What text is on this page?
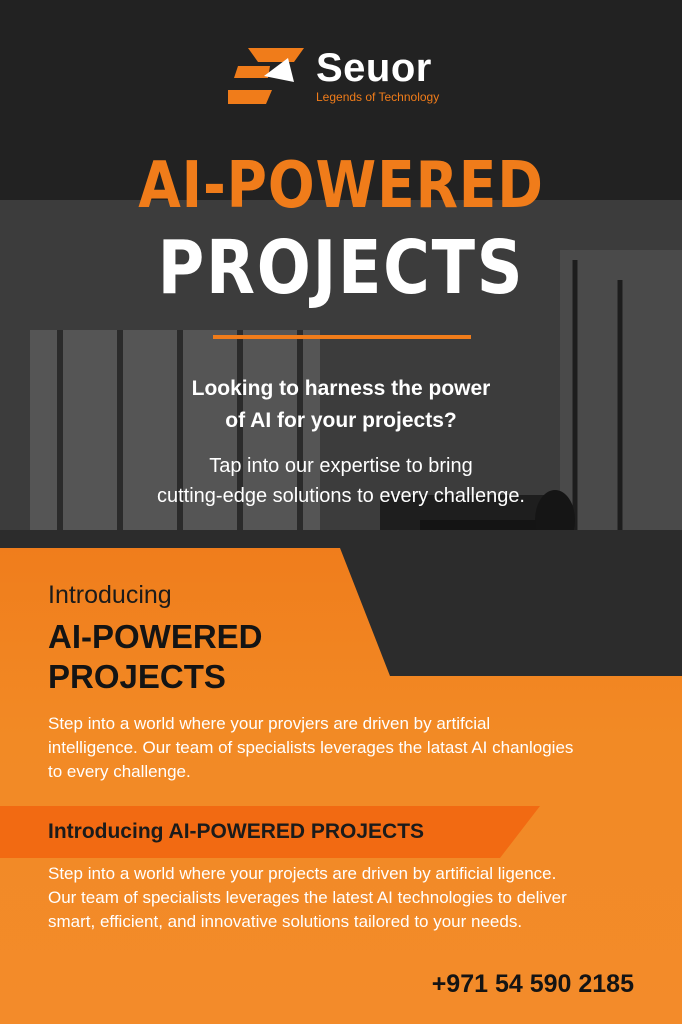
Seuor
Legends of Technology
AI-POWERED
PROJECTS
Looking to harness the power
of AI for your projects?
Tap into our expertise to bring
cutting-edge solutions to every challenge.
Introducing
AI-POWERED
PROJECTS
Step into a world where your provjers are driven by artifcial
intelligence. Our team of specialists leverages the latast AI chanlogies
to every challenge.
Introducing AI-POWERED PROJECTS
Step into a world where your projects are driven by artificial ligence.
Our team of specialists leverages the latest AI technologies to deliver
smart, efficient, and innovative solutions tailored to your needs.
+971 54 590 2185
